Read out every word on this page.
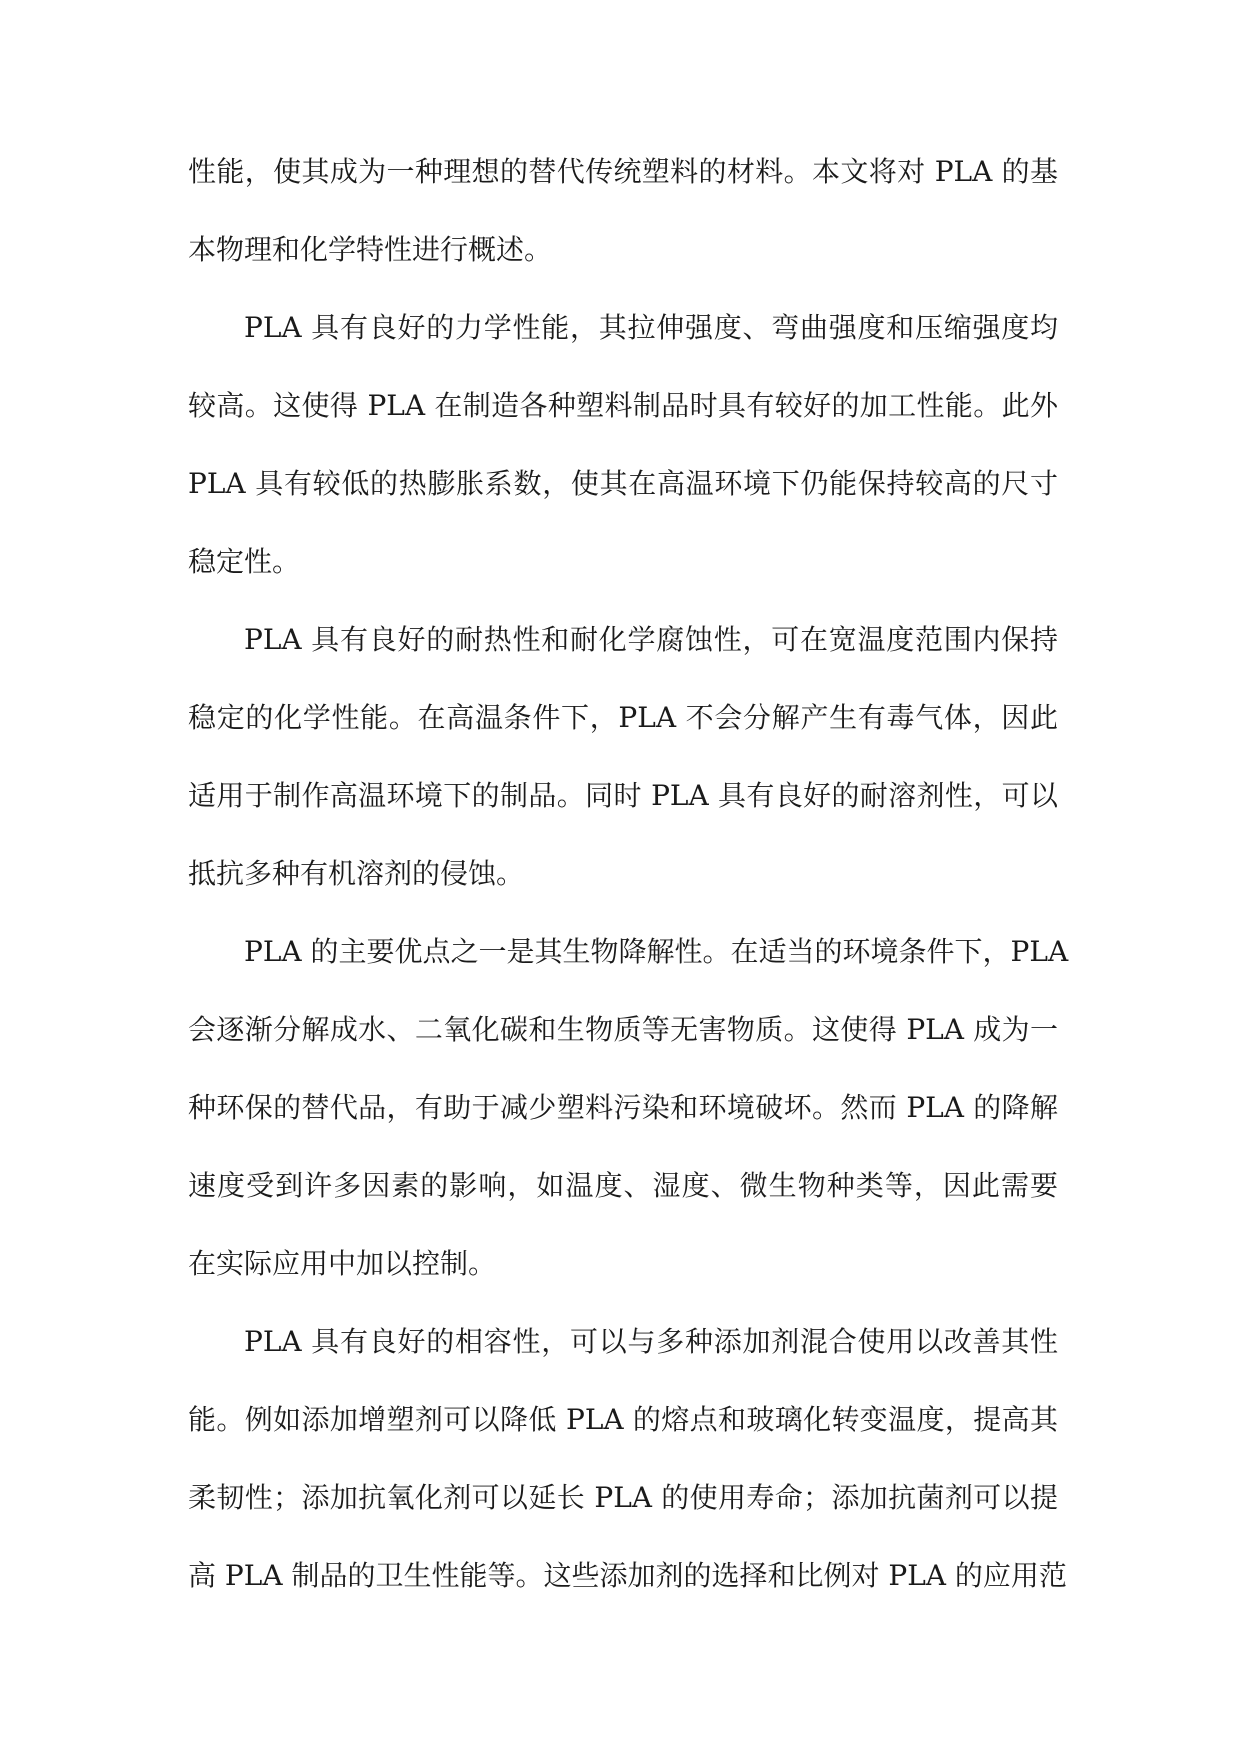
性能，使其成为一种理想的替代传统塑料的材料。本文将对 PLA 的基
本物理和化学特性进行概述。
PLA 具有良好的力学性能，其拉伸强度、弯曲强度和压缩强度均
较高。这使得 PLA 在制造各种塑料制品时具有较好的加工性能。此外
PLA 具有较低的热膨胀系数，使其在高温环境下仍能保持较高的尺寸
稳定性。
PLA 具有良好的耐热性和耐化学腐蚀性，可在宽温度范围内保持
稳定的化学性能。在高温条件下，PLA 不会分解产生有毒气体，因此
适用于制作高温环境下的制品。同时 PLA 具有良好的耐溶剂性，可以
抵抗多种有机溶剂的侵蚀。
PLA 的主要优点之一是其生物降解性。在适当的环境条件下，PLA
会逐渐分解成水、二氧化碳和生物质等无害物质。这使得 PLA 成为一
种环保的替代品，有助于减少塑料污染和环境破坏。然而 PLA 的降解
速度受到许多因素的影响，如温度、湿度、微生物种类等，因此需要
在实际应用中加以控制。
PLA 具有良好的相容性，可以与多种添加剂混合使用以改善其性
能。例如添加增塑剂可以降低 PLA 的熔点和玻璃化转变温度，提高其
柔韧性；添加抗氧化剂可以延长 PLA 的使用寿命；添加抗菌剂可以提
高 PLA 制品的卫生性能等。这些添加剂的选择和比例对 PLA 的应用范
